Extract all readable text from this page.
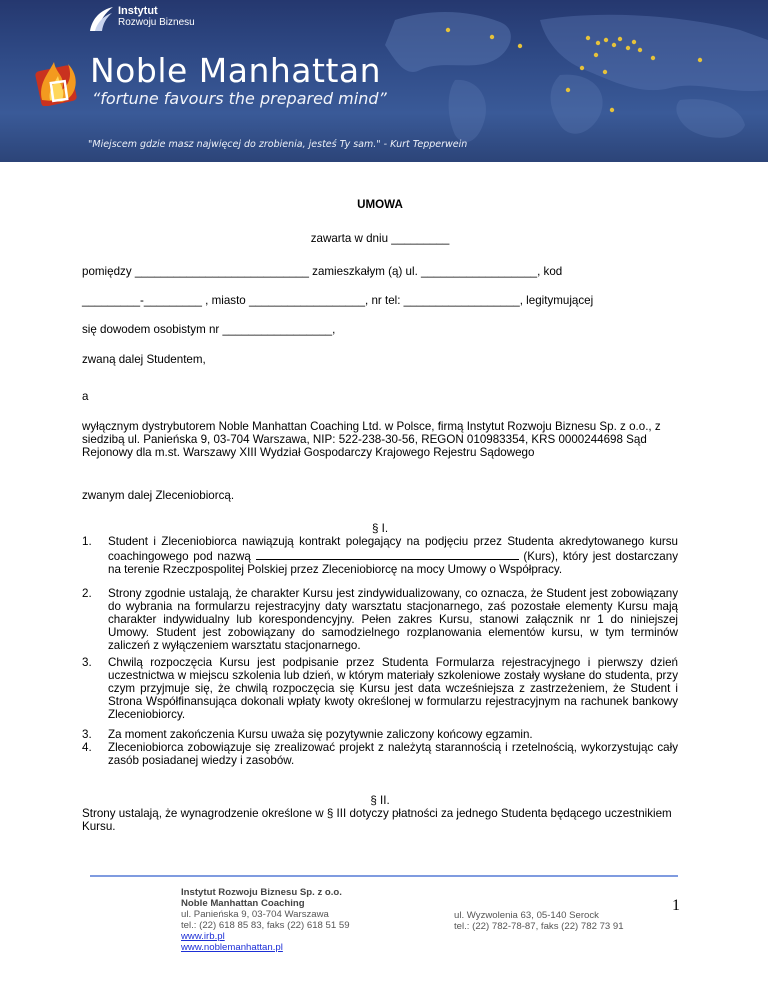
Instytut
Rozwoju Biznesu
Noble Manhattan
“fortune favours the prepared mind”
"Miejscem gdzie masz najwięcej do zrobienia, jesteś Ty sam." - Kurt Tepperwein

UMOWA

zawarta w dniu _________

pomiędzy ___________________________ zamieszkałym (ą) ul. __________________, kod

_________-_________ , miasto __________________, nr tel: __________________, legitymującej

się dowodem osobistym nr _________________,

zwaną dalej Studentem,

a

wyłącznym dystrybutorem Noble Manhattan Coaching Ltd. w Polsce, firmą Instytut Rozwoju Biznesu Sp. z o.o., z siedzibą ul. Panieńska 9, 03-704 Warszawa, NIP: 522-238-30-56, REGON 010983354, KRS 0000244698 Sąd Rejonowy dla m.st. Warszawy XIII Wydział Gospodarczy Krajowego Rejestru Sądowego

zwanym dalej Zleceniobiorcą.

§ I.

1. Student i Zleceniobiorca nawiązują kontrakt polegający na podjęciu przez Studenta akredytowanego kursu coachingowego pod nazwą	(Kurs), który jest dostarczany na terenie Rzeczpospolitej Polskiej przez Zleceniobiorcę na mocy Umowy o Współpracy.
2. Strony zgodnie ustalają, że charakter Kursu jest zindywidualizowany, co oznacza, że Student jest zobowiązany do wybrania na formularzu rejestracyjny daty warsztatu stacjonarnego, zaś pozostałe elementy Kursu mają charakter indywidualny lub korespondencyjny. Pełen zakres Kursu, stanowi załącznik nr 1 do niniejszej Umowy. Student jest zobowiązany do samodzielnego rozplanowania elementów kursu, w tym terminów zaliczeń z wyłączeniem warsztatu stacjonarnego.

3. Chwilą rozpoczęcia Kursu jest podpisanie przez Studenta Formularza rejestracyjnego i pierwszy dzień uczestnictwa w miejscu szkolenia lub dzień, w którym materiały szkoleniowe zostały wysłane do studenta, przy czym przyjmuje się, że chwilą rozpoczęcia się Kursu jest data wcześniejsza z zastrzeżeniem, że Student i Strona Współfinansująca dokonali wpłaty kwoty określonej w formularzu rejestracyjnym na rachunek bankowy Zleceniobiorcy.

3. Za moment zakończenia Kursu uważa się pozytywnie zaliczony końcowy egzamin.

4. Zleceniobiorca zobowiązuje się zrealizować projekt z należytą starannością i rzetelnością, wykorzystując cały zasób posiadanej wiedzy i zasobów.

§ II.

Strony ustalają, że wynagrodzenie określone w § III dotyczy płatności za jednego Studenta będącego uczestnikiem Kursu.

Instytut Rozwoju Biznesu Sp. z o.o.
Noble Manhattan Coaching
ul. Panieńska 9, 03-704 Warszawa
tel.: (22) 618 85 83, faks (22) 618 51 59
www.irb.pl
www.noblemanhattan.pl
ul. Wyzwolenia 63, 05-140 Serock
tel.: (22) 782-78-87, faks (22) 782 73 91
1
